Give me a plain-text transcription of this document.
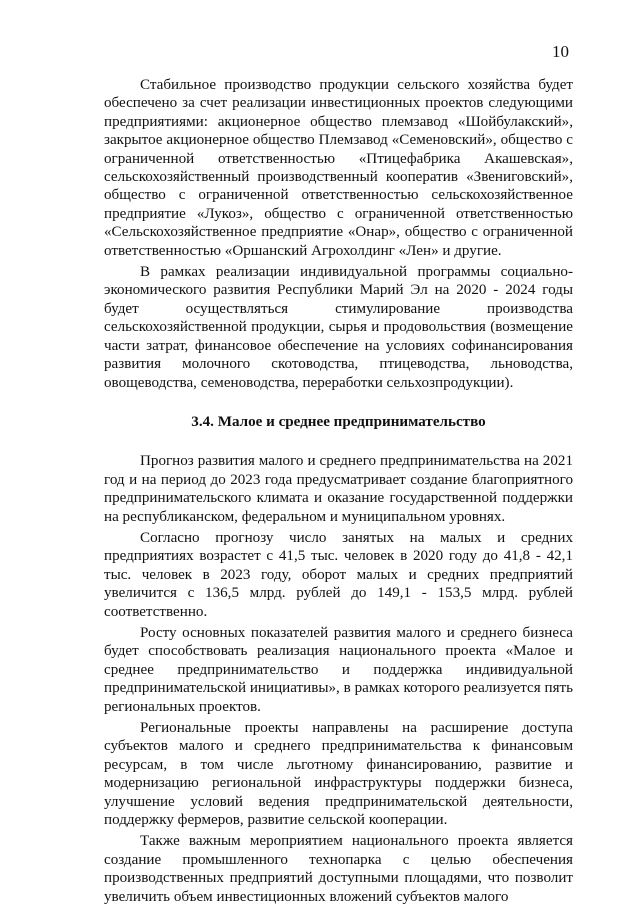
10

Стабильное производство продукции сельского хозяйства будет обеспечено за счет реализации инвестиционных проектов следующими предприятиями: акционерное общество племзавод «Шойбулакский», закрытое акционерное общество Племзавод «Семеновский», общество с ограниченной ответственностью «Птицефабрика Акашевская», сельскохозяйственный производственный кооператив «Звениговский», общество с ограниченной ответственностью сельскохозяйственное предприятие «Лукоз», общество с ограниченной ответственностью «Сельскохозяйственное предприятие «Онар», общество с ограниченной ответственностью «Оршанский Агрохолдинг «Лен» и другие.

В рамках реализации индивидуальной программы социально-экономического развития Республики Марий Эл на 2020 - 2024 годы будет осуществляться стимулирование производства сельскохозяйственной продукции, сырья и продовольствия (возмещение части затрат, финансовое обеспечение на условиях софинансирования развития молочного скотоводства, птицеводства, льноводства, овощеводства, семеноводства, переработки сельхозпродукции).

3.4. Малое и среднее предпринимательство

Прогноз развития малого и среднего предпринимательства на 2021 год и на период до 2023 года предусматривает создание благоприятного предпринимательского климата и оказание государственной поддержки на республиканском, федеральном и муниципальном уровнях.

Согласно прогнозу число занятых на малых и средних предприятиях возрастет с 41,5 тыс. человек в 2020 году до 41,8 - 42,1 тыс. человек в 2023 году, оборот малых и средних предприятий увеличится с 136,5 млрд. рублей до 149,1 - 153,5 млрд. рублей соответственно.

Росту основных показателей развития малого и среднего бизнеса будет способствовать реализация национального проекта «Малое и среднее предпринимательство и поддержка индивидуальной предпринимательской инициативы», в рамках которого реализуется пять региональных проектов.

Региональные проекты направлены на расширение доступа субъектов малого и среднего предпринимательства к финансовым ресурсам, в том числе льготному финансированию, развитие и модернизацию региональной инфраструктуры поддержки бизнеса, улучшение условий ведения предпринимательской деятельности, поддержку фермеров, развитие сельской кооперации.

Также важным мероприятием национального проекта является создание промышленного технопарка с целью обеспечения производственных предприятий доступными площадями, что позволит увеличить объем инвестиционных вложений субъектов малого
